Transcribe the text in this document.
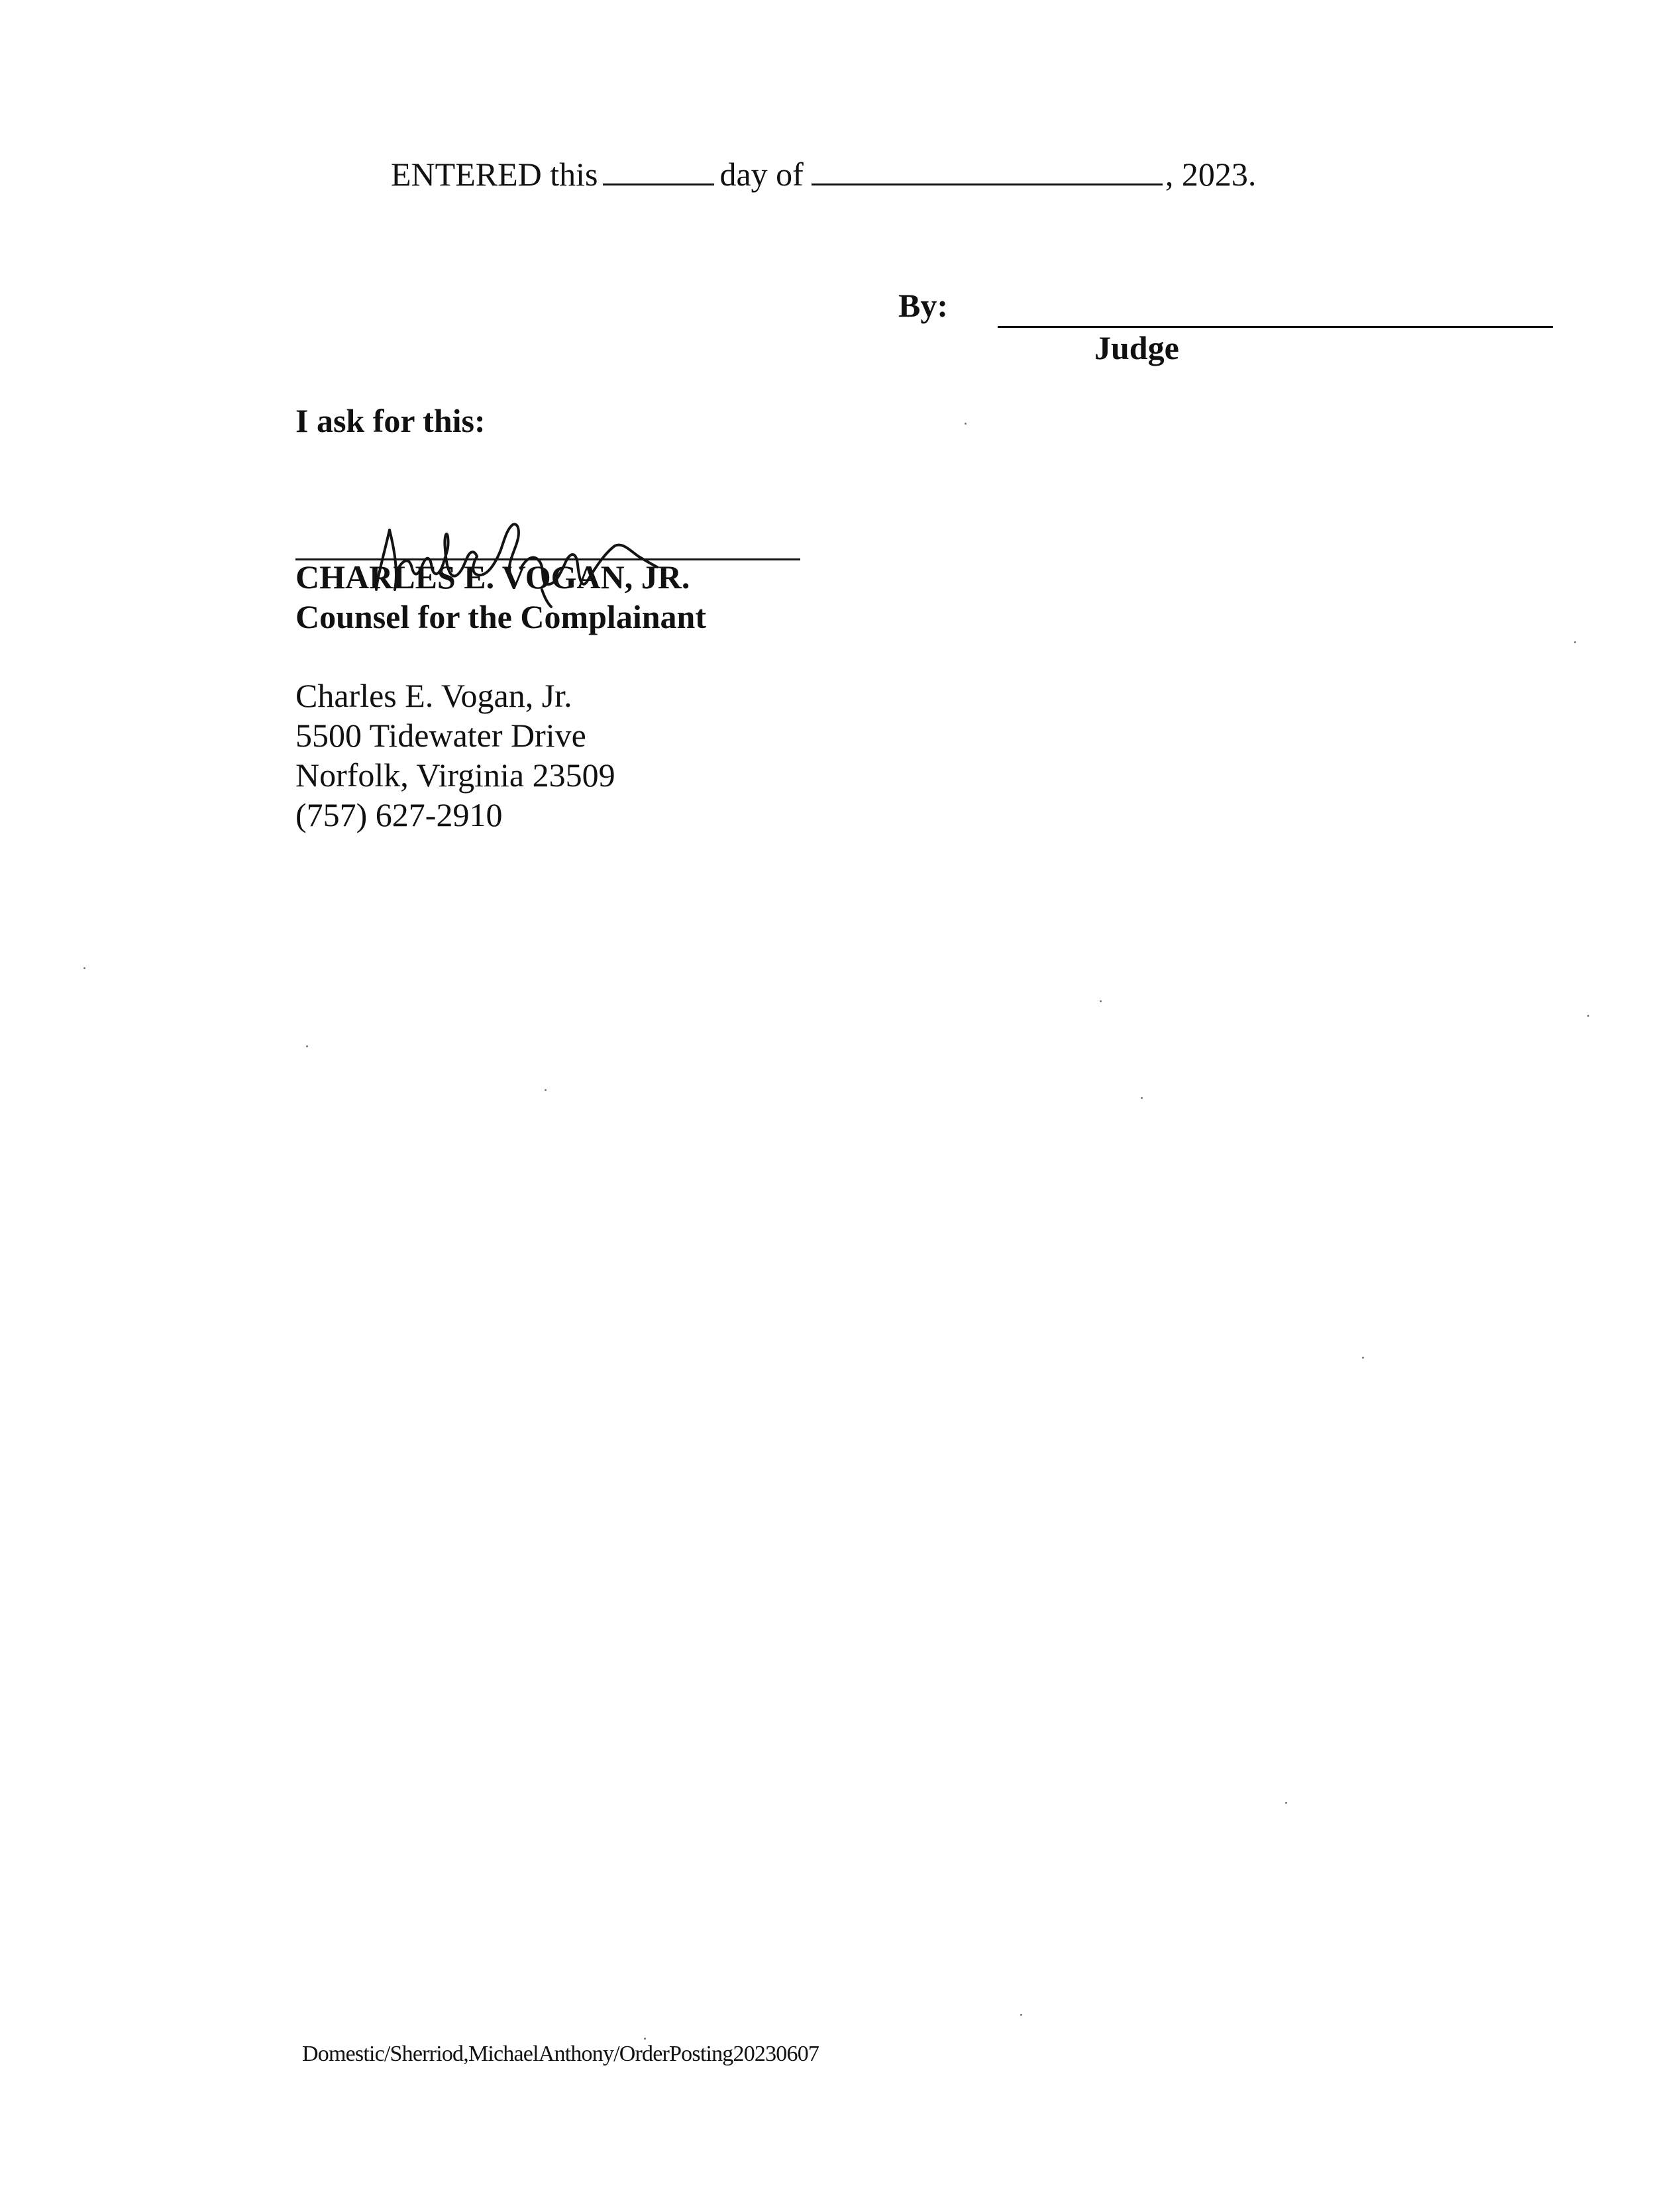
ENTERED this	day of	, 2023.
By:
Judge
I ask for this:
CHARLES E. VOGAN, JR.
Counsel for the Complainant
Charles E. Vogan, Jr.
5500 Tidewater Drive
Norfolk, Virginia 23509
(757) 627-2910
Domestic/Sherriod,MichaelAnthony/OrderPosting20230607
